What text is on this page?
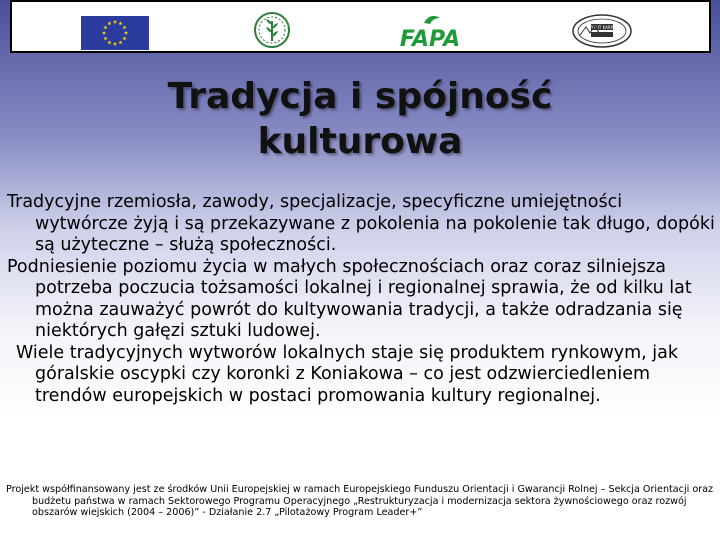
FAPA	INSTYTUT KARPACKI
Tradycja i spójność
kulturowa
Tradycyjne rzemiosła, zawody, specjalizacje, specyficzne umiejętności wytwórcze żyją i są przekazywane z pokolenia na pokolenie tak długo, dopóki są użyteczne – służą społeczności.
Podniesienie poziomu życia w małych społecznościach oraz coraz silniejsza potrzeba poczucia tożsamości lokalnej i regionalnej sprawia, że od kilku lat można zauważyć powrót do kultywowania tradycji, a także odradzania się niektórych gałęzi sztuki ludowej.
Wiele tradycyjnych wytworów lokalnych staje się produktem rynkowym, jak góralskie oscypki czy koronki z Koniakowa – co jest odzwierciedleniem trendów europejskich w postaci promowania kultury regionalnej.
Projekt współfinansowany jest ze środków Unii Europejskiej w ramach Europejskiego Funduszu Orientacji i Gwarancji Rolnej – Sekcja Orientacji oraz budżetu państwa w ramach Sektorowego Programu Operacyjnego „Restrukturyzacja i modernizacja sektora żywnościowego oraz rozwój obszarów wiejskich (2004 – 2006)” - Działanie 2.7 „Pilotażowy Program Leader+”
